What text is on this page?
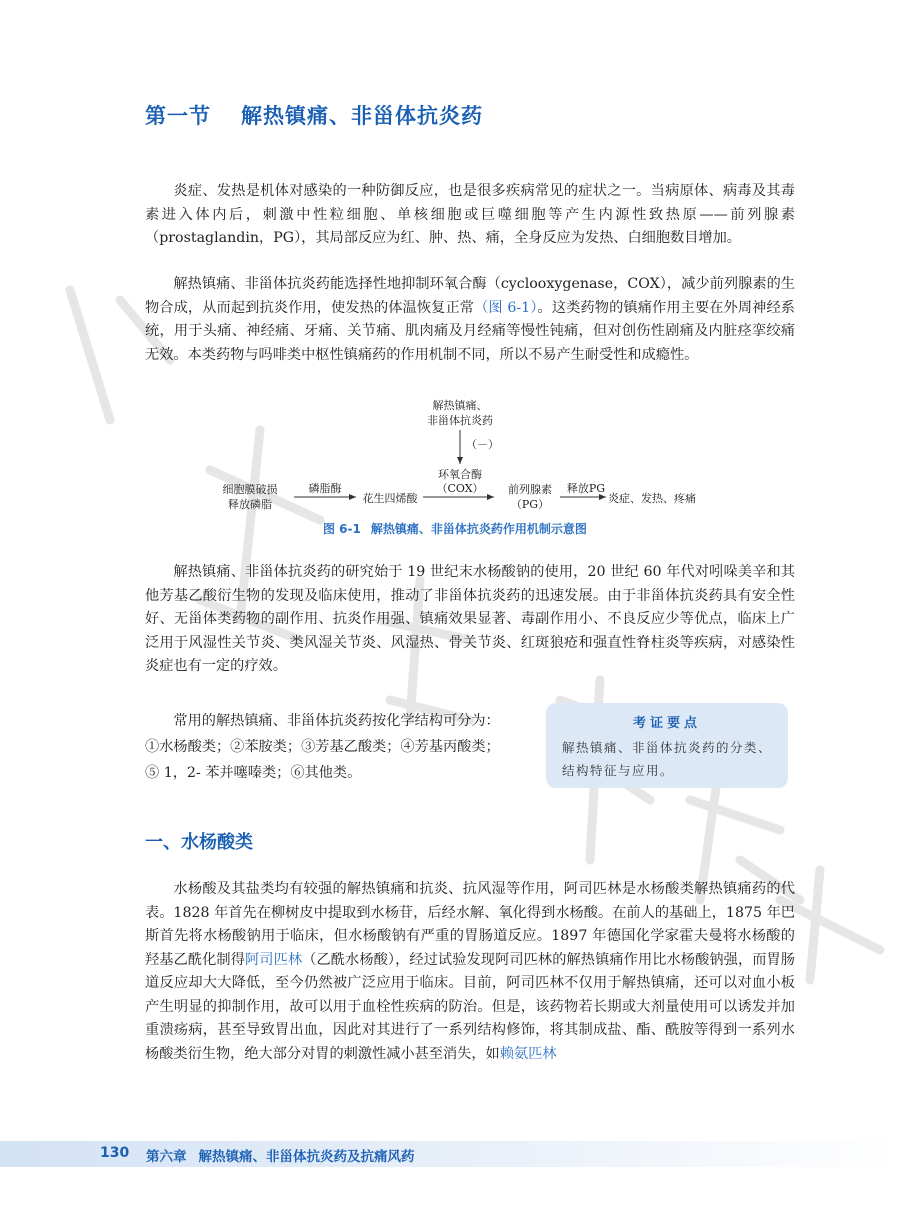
第一节 解热镇痛、非甾体抗炎药

炎症、发热是机体对感染的一种防御反应，也是很多疾病常见的症状之一。当病原体、病毒及其毒素进入体内后，刺激中性粒细胞、单核细胞或巨噬细胞等产生内源性致热原——前列腺素（prostaglandin，PG），其局部反应为红、肿、热、痛，全身反应为发热、白细胞数目增加。

解热镇痛、非甾体抗炎药能选择性地抑制环氧合酶（cyclooxygenase，COX），减少前列腺素的生物合成，从而起到抗炎作用，使发热的体温恢复正常（图 6-1）。这类药物的镇痛作用主要在外周神经系统，用于头痛、神经痛、牙痛、关节痛、肌肉痛及月经痛等慢性钝痛，但对创伤性剧痛及内脏痉挛绞痛无效。本类药物与吗啡类中枢性镇痛药的作用机制不同，所以不易产生耐受性和成瘾性。

解热镇痛、
非甾体抗炎药
（－）
环氧合酶
（COX）
细胞膜破损
释放磷脂
磷脂酶
花生四烯酸
前列腺素
（PG）
释放PG
炎症、发热、疼痛
图 6-1 解热镇痛、非甾体抗炎药作用机制示意图

解热镇痛、非甾体抗炎药的研究始于 19 世纪末水杨酸钠的使用，20 世纪 60 年代对吲哚美辛和其他芳基乙酸衍生物的发现及临床使用，推动了非甾体抗炎药的迅速发展。由于非甾体抗炎药具有安全性好、无甾体类药物的副作用、抗炎作用强、镇痛效果显著、毒副作用小、不良反应少等优点，临床上广泛用于风湿性关节炎、类风湿关节炎、风湿热、骨关节炎、红斑狼疮和强直性脊柱炎等疾病，对感染性炎症也有一定的疗效。

常用的解热镇痛、非甾体抗炎药按化学结构可分为：
①水杨酸类；②苯胺类；③芳基乙酸类；④芳基丙酸类；
⑤ 1，2- 苯并噻嗪类；⑥其他类。
考证要点
解热镇痛、非甾体抗炎药的分类、结构特征与应用。
一、水杨酸类

水杨酸及其盐类均有较强的解热镇痛和抗炎、抗风湿等作用，阿司匹林是水杨酸类解热镇痛药的代表。1828 年首先在柳树皮中提取到水杨苷，后经水解、氧化得到水杨酸。在前人的基础上，1875 年巴斯首先将水杨酸钠用于临床，但水杨酸钠有严重的胃肠道反应。1897 年德国化学家霍夫曼将水杨酸的羟基乙酰化制得阿司匹林（乙酰水杨酸），经过试验发现阿司匹林的解热镇痛作用比水杨酸钠强，而胃肠道反应却大大降低，至今仍然被广泛应用于临床。目前，阿司匹林不仅用于解热镇痛，还可以对血小板产生明显的抑制作用，故可以用于血栓性疾病的防治。但是，该药物若长期或大剂量使用可以诱发并加重溃疡病，甚至导致胃出血，因此对其进行了一系列结构修饰，将其制成盐、酯、酰胺等得到一系列水杨酸类衍生物，绝大部分对胃的刺激性减小甚至消失，如赖氨匹林

130 第六章 解热镇痛、非甾体抗炎药及抗痛风药
